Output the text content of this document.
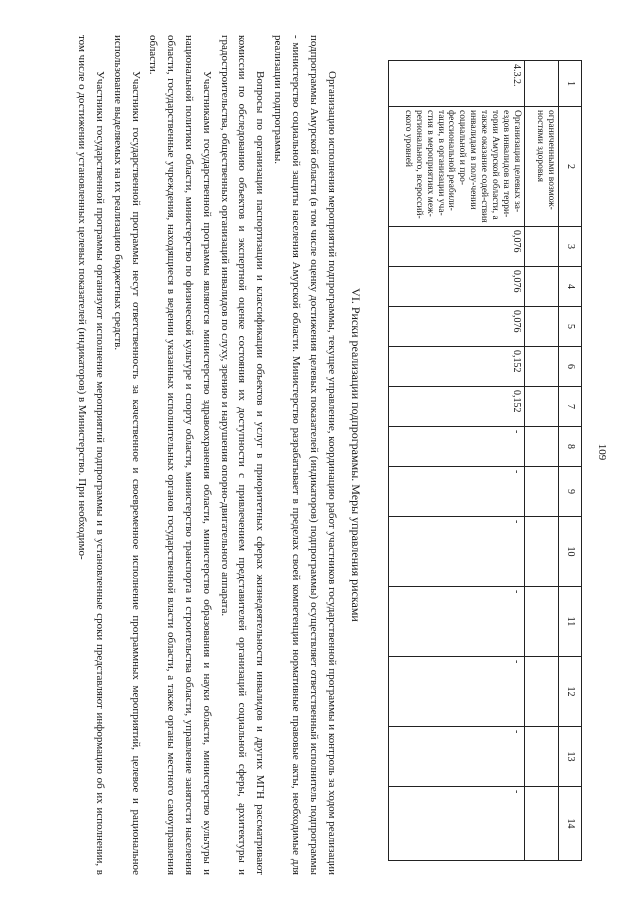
109
1	2	3	4	5	6	7	8	9	10	11	12	13	14
	ограниченными возмож-ностями здоровья												
4.3.2.	Организация целевых за-ездов инвалидов на терри-тории Амурской области, а также оказание содей-ствия инвалидам в полу-чении социальной и про-фессиональной реабили-тации, в организации уча-стия в мероприятиях меж-регионального, всероссий-ского уровней	0,076	0,076	0,076	0,152	0,152	-	-	-	-	-	-	-
VI. Риски реализации подпрограммы. Меры управления рисками

Организацию исполнения мероприятий подпрограммы, текущее управление, координацию работ участников государственной программы и контроль за ходом реализации подпрограммы Амурской области (в том числе оценку достижения целевых показателей (индикаторов) подпрограммы) осуществляет ответственный исполнитель подпрограммы - министерство социальной защиты населения Амурской области. Министерство разрабатывает в пределах своей компетенции нормативные правовые акты, необходимые для реализации подпрограммы.

Вопросы по организации паспортизации и классификации объектов и услуг в приоритетных сферах жизнедеятельности инвалидов и других МГН рассматривают комиссии по обследованию объектов и экспертной оценке состояния их доступности с привлечением представителей организаций социальной сферы, архитектуры и градостроительства, общественных организаций инвалидов по слуху, зрению и нарушения опорно-двигательного аппарата.

Участниками государственной программы являются министерство здравоохранения области, министерство образования и науки области, министерство культуры и национальной политики области, министерство по физической культуре и спорту области, министерство транспорта и строительства области, управление занятости населения области, государственные учреждения, находящиеся в ведении указанных исполнительных органов государственной власти области, а также органы местного самоуправления области.

Участники государственной программы несут ответственность за качественное и своевременное исполнение программных мероприятий, целевое и рациональное использование выделяемых на их реализацию бюджетных средств.

Участники государственной программы организуют исполнение мероприятий подпрограммы и в установленные сроки представляют информацию об их исполнении, в том числе о достижении установленных целевых показателей (индикаторов) в Министерство. При необходимо-
